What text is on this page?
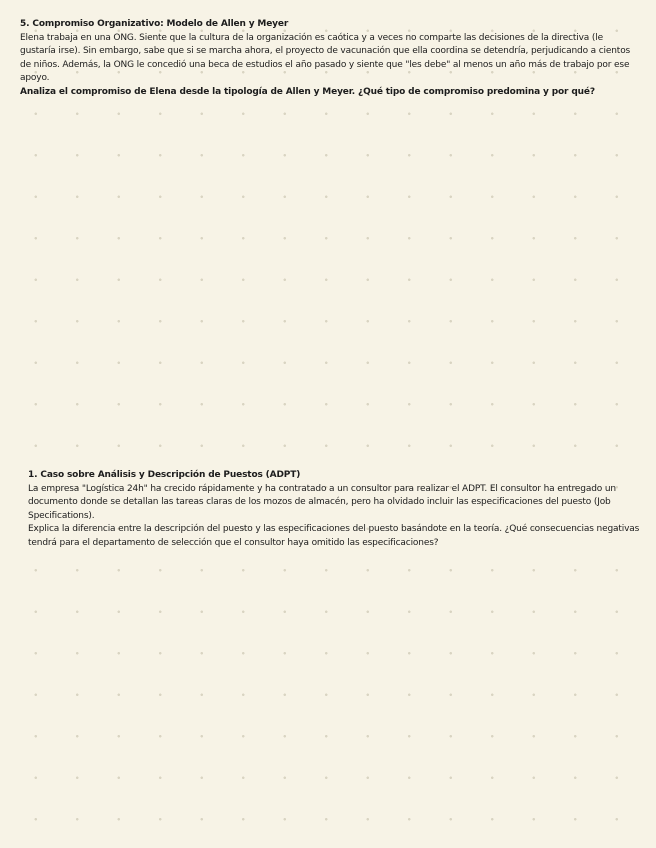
5. Compromiso Organizativo: Modelo de Allen y Meyer
Elena trabaja en una ONG. Siente que la cultura de la organización es caótica y a veces no comparte las decisiones de la directiva (le gustaría irse). Sin embargo, sabe que si se marcha ahora, el proyecto de vacunación que ella coordina se detendría, perjudicando a cientos de niños. Además, la ONG le concedió una beca de estudios el año pasado y siente que "les debe" al menos un año más de trabajo por ese apoyo.
Analiza el compromiso de Elena desde la tipología de Allen y Meyer. ¿Qué tipo de compromiso predomina y por qué?
1. Caso sobre Análisis y Descripción de Puestos (ADPT)
La empresa "Logística 24h" ha crecido rápidamente y ha contratado a un consultor para realizar el ADPT. El consultor ha entregado un documento donde se detallan las tareas claras de los mozos de almacén, pero ha olvidado incluir las especificaciones del puesto (Job Specifications).
Explica la diferencia entre la descripción del puesto y las especificaciones del puesto basándote en la teoría. ¿Qué consecuencias negativas tendrá para el departamento de selección que el consultor haya omitido las especificaciones?
